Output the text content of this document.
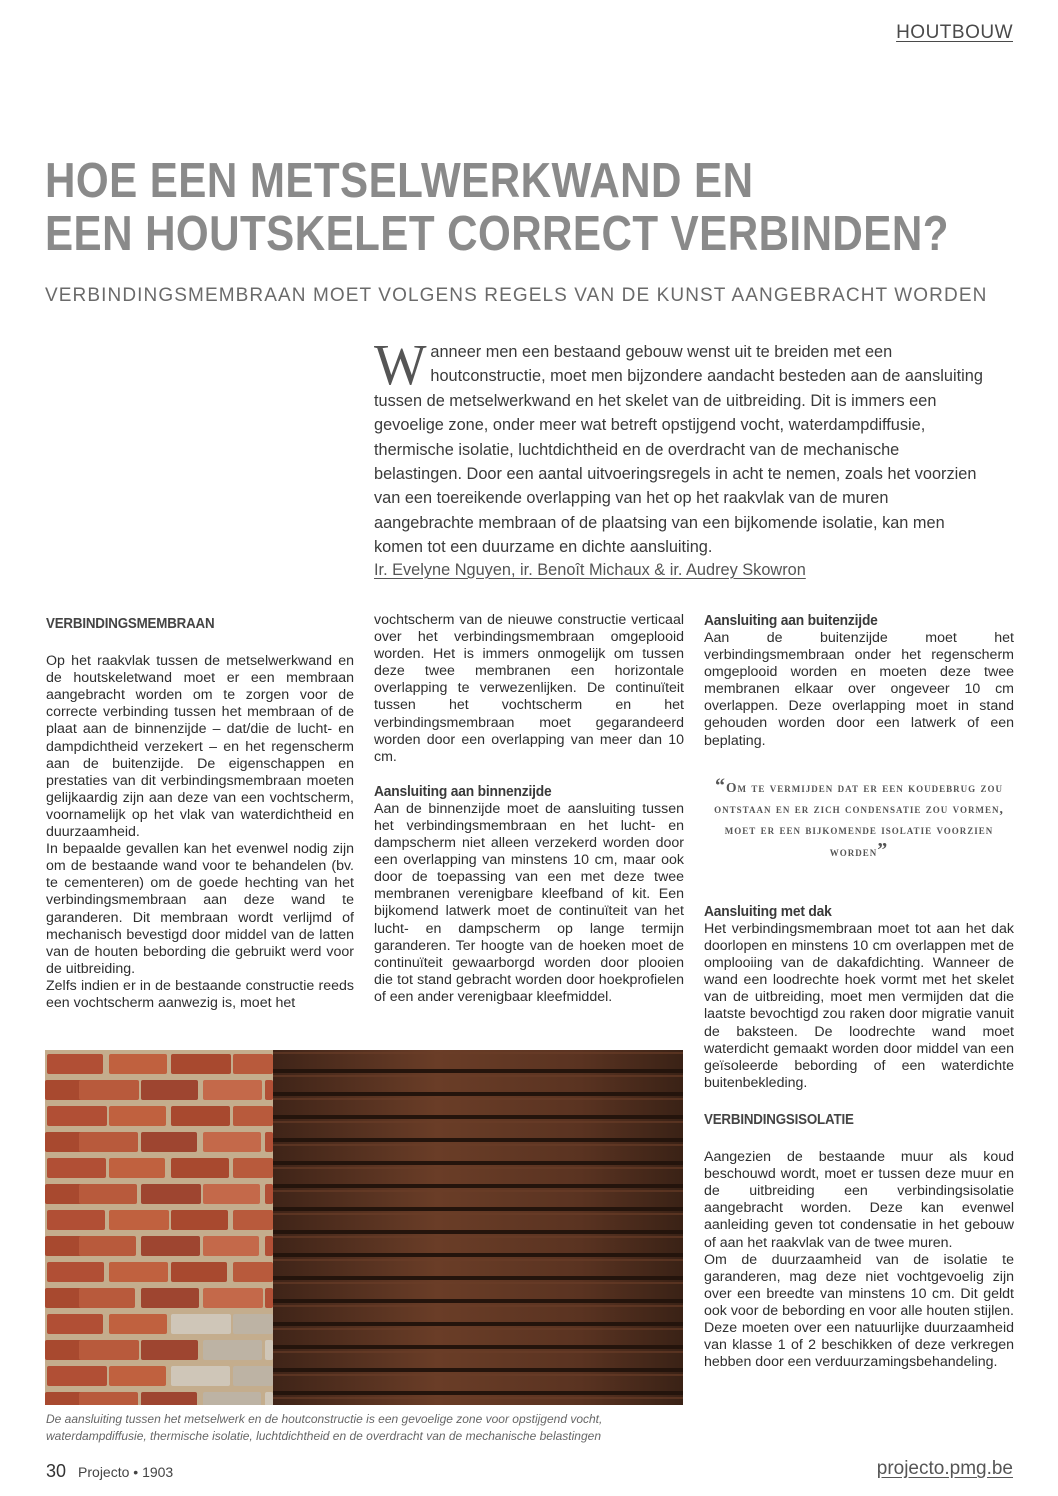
HOUTBOUW
HOE EEN METSELWERKWAND EN
EEN HOUTSKELET CORRECT VERBINDEN?
VERBINDINGSMEMBRAAN MOET VOLGENS REGELS VAN DE KUNST AANGEBRACHT WORDEN
Wanneer men een bestaand gebouw wenst uit te breiden met een houtconstructie, moet men bijzondere aandacht besteden aan de aansluiting tussen de metselwerkwand en het skelet van de uitbreiding. Dit is immers een gevoelige zone, onder meer wat betreft opstijgend vocht, waterdampdiffusie, thermische isolatie, luchtdichtheid en de overdracht van de mechanische belastingen. Door een aantal uitvoeringsregels in acht te nemen, zoals het voorzien van een toereikende overlapping van het op het raakvlak van de muren aangebrachte membraan of de plaatsing van een bijkomende isolatie, kan men komen tot een duurzame en dichte aansluiting.
Ir. Evelyne Nguyen, ir. Benoît Michaux & ir. Audrey Skowron
VERBINDINGSMEMBRAAN

Op het raakvlak tussen de metselwerkwand en de houtskeletwand moet er een membraan aangebracht worden om te zorgen voor de correcte verbinding tussen het membraan of de plaat aan de binnenzijde – dat/die de lucht- en dampdichtheid verzekert – en het regenscherm aan de buitenzijde. De eigenschappen en prestaties van dit verbindingsmembraan moeten gelijkaardig zijn aan deze van een vochtscherm, voornamelijk op het vlak van waterdichtheid en duurzaamheid.

In bepaalde gevallen kan het evenwel nodig zijn om de bestaande wand voor te behandelen (bv. te cementeren) om de goede hechting van het verbindingsmembraan aan deze wand te garanderen. Dit membraan wordt verlijmd of mechanisch bevestigd door middel van de latten van de houten bebording die gebruikt werd voor de uitbreiding.

Zelfs indien er in de bestaande constructie reeds een vochtscherm aanwezig is, moet het

vochtscherm van de nieuwe constructie verticaal over het verbindingsmembraan omgeplooid worden. Het is immers onmogelijk om tussen deze twee membranen een horizontale overlapping te verwezenlijken. De continuïteit tussen het vochtscherm en het verbindingsmembraan moet gegarandeerd worden door een overlapping van meer dan 10 cm.

Aansluiting aan binnenzijde

Aan de binnenzijde moet de aansluiting tussen het verbindingsmembraan en het lucht- en dampscherm niet alleen verzekerd worden door een overlapping van minstens 10 cm, maar ook door de toepassing van een met deze twee membranen verenigbare kleefband of kit. Een bijkomend latwerk moet de continuïteit van het lucht- en dampscherm op lange termijn garanderen. Ter hoogte van de hoeken moet de continuïteit gewaarborgd worden door plooien die tot stand gebracht worden door hoekprofielen of een ander verenigbaar kleefmiddel.

Aansluiting aan buitenzijde

Aan de buitenzijde moet het verbindingsmembraan onder het regenscherm omgeplooid worden en moeten deze twee membranen elkaar over ongeveer 10 cm overlappen. Deze overlapping moet in stand gehouden worden door een latwerk of een beplating.

“Om te vermijden dat er een koudebrug zou ontstaan en er zich condensatie zou vormen, moet er een bijkomende isolatie voorzien worden”
Aansluiting met dak

Het verbindingsmembraan moet tot aan het dak doorlopen en minstens 10 cm overlappen met de omplooiing van de dakafdichting. Wanneer de wand een loodrechte hoek vormt met het skelet van de uitbreiding, moet men vermijden dat die laatste bevochtigd zou raken door migratie vanuit de baksteen. De loodrechte wand moet waterdicht gemaakt worden door middel van een geïsoleerde bebording of een waterdichte buitenbekleding.

VERBINDINGSISOLATIE

Aangezien de bestaande muur als koud beschouwd wordt, moet er tussen deze muur en de uitbreiding een verbindingsisolatie aangebracht worden. Deze kan evenwel aanleiding geven tot condensatie in het gebouw of aan het raakvlak van de twee muren.

Om de duurzaamheid van de isolatie te garanderen, mag deze niet vochtgevoelig zijn over een breedte van minstens 10 cm. Dit geldt ook voor de bebording en voor alle houten stijlen. Deze moeten over een natuurlijke duurzaamheid van klasse 1 of 2 beschikken of deze verkregen hebben door een verduurzamingsbehandeling.

De aansluiting tussen het metselwerk en de houtconstructie is een gevoelige zone voor opstijgend vocht, waterdampdiffusie, thermische isolatie, luchtdichtheid en de overdracht van de mechanische belastingen
30 Projecto • 1903	projecto.pmg.be
